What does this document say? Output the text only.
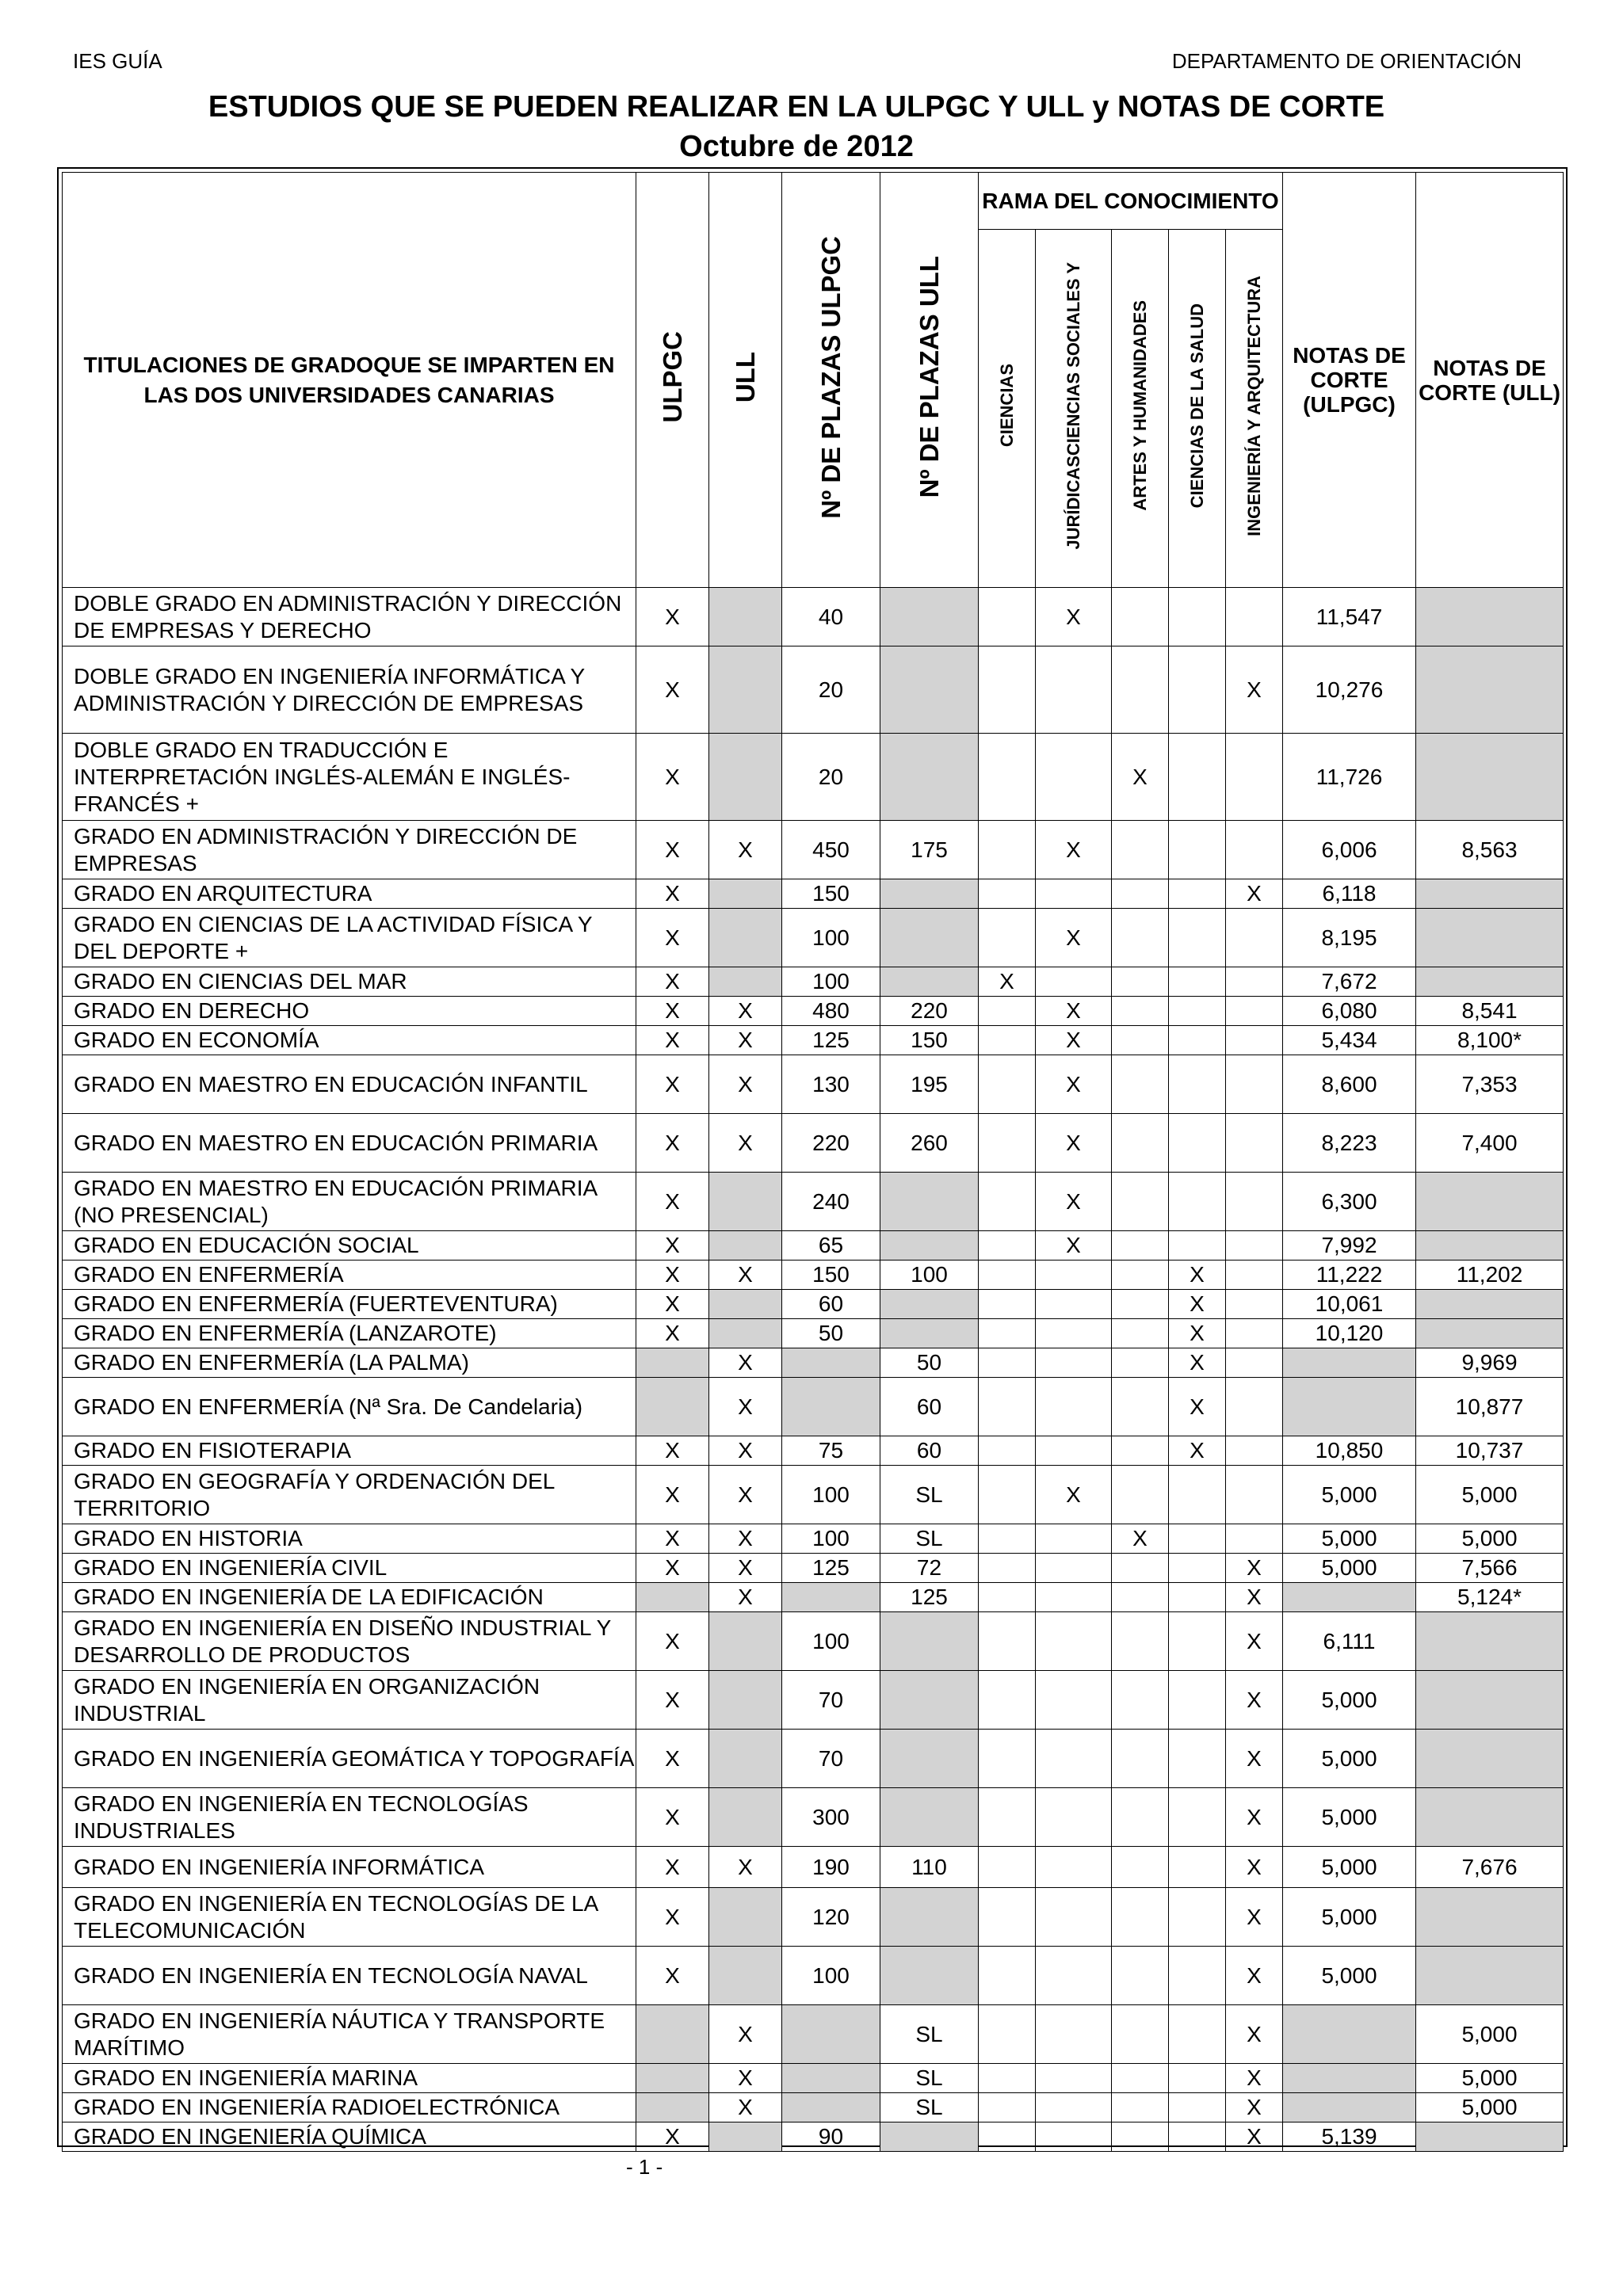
IES GUÍA	DEPARTAMENTO DE ORIENTACIÓN
ESTUDIOS QUE SE PUEDEN REALIZAR EN LA ULPGC Y ULL y NOTAS DE CORTE
Octubre de 2012
TITULACIONES DE GRADOQUE SE IMPARTEN EN LAS DOS UNIVERSIDADES CANARIAS	ULPGC	ULL	Nº DE PLAZAS ULPGC	Nº DE PLAZAS ULL	RAMA DEL CONOCIMIENTO					NOTAS DE CORTE (ULPGC)	NOTAS DE CORTE (ULL)
					CIENCIAS	JURÍDICASCIENCIAS SOCIALES Y	ARTES Y HUMANIDADES	CIENCIAS DE LA SALUD	INGENIERÍA Y ARQUITECTURA		
DOBLE GRADO EN ADMINISTRACIÓN Y DIRECCIÓN DE EMPRESAS Y DERECHO	X		40			X				11,547	
DOBLE GRADO EN INGENIERÍA INFORMÁTICA Y ADMINISTRACIÓN Y DIRECCIÓN DE EMPRESAS	X		20						X	10,276	
DOBLE GRADO EN TRADUCCIÓN E INTERPRETACIÓN INGLÉS-ALEMÁN E INGLÉS-FRANCÉS +	X		20				X			11,726	
GRADO EN ADMINISTRACIÓN Y DIRECCIÓN DE EMPRESAS	X	X	450	175		X				6,006	8,563
GRADO EN ARQUITECTURA	X		150						X	6,118	
GRADO EN CIENCIAS DE LA ACTIVIDAD FÍSICA Y DEL DEPORTE +	X		100			X				8,195	
GRADO EN CIENCIAS DEL MAR	X		100		X					7,672	
GRADO EN DERECHO	X	X	480	220		X				6,080	8,541
GRADO EN ECONOMÍA	X	X	125	150		X				5,434	8,100*
GRADO EN MAESTRO EN EDUCACIÓN INFANTIL	X	X	130	195		X				8,600	7,353
GRADO EN MAESTRO EN EDUCACIÓN PRIMARIA	X	X	220	260		X				8,223	7,400
GRADO EN MAESTRO EN EDUCACIÓN PRIMARIA (NO PRESENCIAL)	X		240			X				6,300	
GRADO EN EDUCACIÓN SOCIAL	X		65			X				7,992	
GRADO EN ENFERMERÍA	X	X	150	100				X		11,222	11,202
GRADO EN ENFERMERÍA (FUERTEVENTURA)	X		60					X		10,061	
GRADO EN ENFERMERÍA (LANZAROTE)	X		50					X		10,120	
GRADO EN ENFERMERÍA (LA PALMA)		X		50				X			9,969
GRADO EN ENFERMERÍA (Nª Sra. De Candelaria)		X		60				X			10,877
GRADO EN FISIOTERAPIA	X	X	75	60				X		10,850	10,737
GRADO EN GEOGRAFÍA Y ORDENACIÓN DEL TERRITORIO	X	X	100	SL		X				5,000	5,000
GRADO EN HISTORIA	X	X	100	SL			X			5,000	5,000
GRADO EN INGENIERÍA CIVIL	X	X	125	72					X	5,000	7,566
GRADO EN INGENIERÍA DE LA EDIFICACIÓN		X		125					X		5,124*
GRADO EN INGENIERÍA EN DISEÑO INDUSTRIAL Y DESARROLLO DE PRODUCTOS	X		100						X	6,111	
GRADO EN INGENIERÍA EN ORGANIZACIÓN INDUSTRIAL	X		70						X	5,000	
GRADO EN INGENIERÍA GEOMÁTICA Y TOPOGRAFÍA	X		70						X	5,000	
GRADO EN INGENIERÍA EN TECNOLOGÍAS INDUSTRIALES	X		300						X	5,000	
GRADO EN INGENIERÍA INFORMÁTICA	X	X	190	110					X	5,000	7,676
GRADO EN INGENIERÍA EN TECNOLOGÍAS DE LA TELECOMUNICACIÓN	X		120						X	5,000	
GRADO EN INGENIERÍA EN TECNOLOGÍA NAVAL	X		100						X	5,000	
GRADO EN INGENIERÍA NÁUTICA Y TRANSPORTE MARÍTIMO		X		SL					X		5,000
GRADO EN INGENIERÍA MARINA		X		SL					X		5,000
GRADO EN INGENIERÍA RADIOELECTRÓNICA		X		SL					X		5,000
GRADO EN INGENIERÍA QUÍMICA	X		90						X	5,139	
- 1 -
